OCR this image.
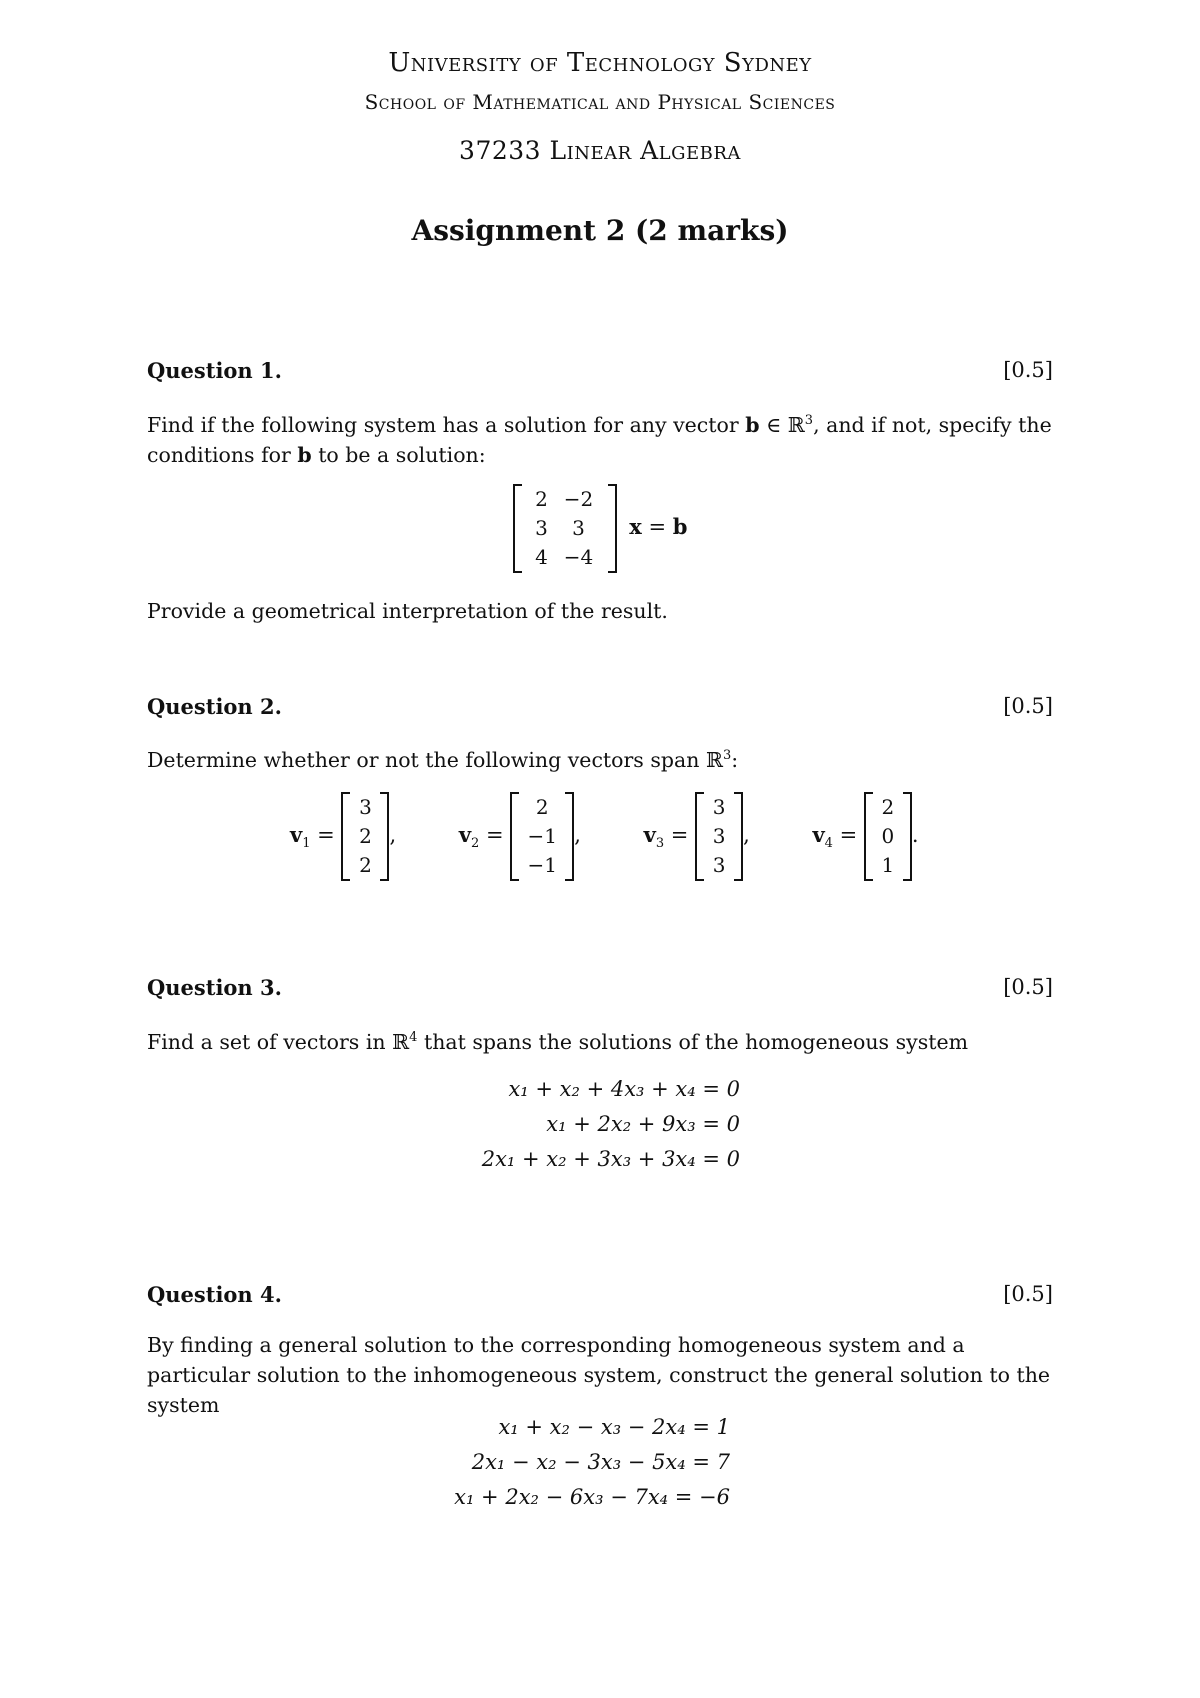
University of Technology Sydney
School of Mathematical and Physical Sciences
37233 Linear Algebra
Assignment 2 (2 marks)
Question 1.	[0.5]
Find if the following system has a solution for any vector b ∈ ℝ$^3$, and if not, specify the conditions for b to be a solution:
2 −2
3	3
4 −4
x = b
Provide a geometrical interpretation of the result.
Question 2.	[0.5]
Determine whether or not the following vectors span ℝ$^3$:
$v_1$ =
3
2
2
,	$v_2$ =
2
−1
−1
,	$v_3$ =
3
3
3
,	$v_4$ =
2
0
1
.
Question 3.	[0.5]
Find a set of vectors in ℝ$^4$ that spans the solutions of the homogeneous system
x₁ + x₂ + 4x₃ + x₄ = 0
x₁ + 2x₂ + 9x₃ = 0
2x₁ + x₂ + 3x₃ + 3x₄ = 0
Question 4.	[0.5]
By finding a general solution to the corresponding homogeneous system and a particular solution to the inhomogeneous system, construct the general solution to the system
x₁ + x₂ − x₃ − 2x₄ = 1
2x₁ − x₂ − 3x₃ − 5x₄ = 7
x₁ + 2x₂ − 6x₃ − 7x₄ = −6
